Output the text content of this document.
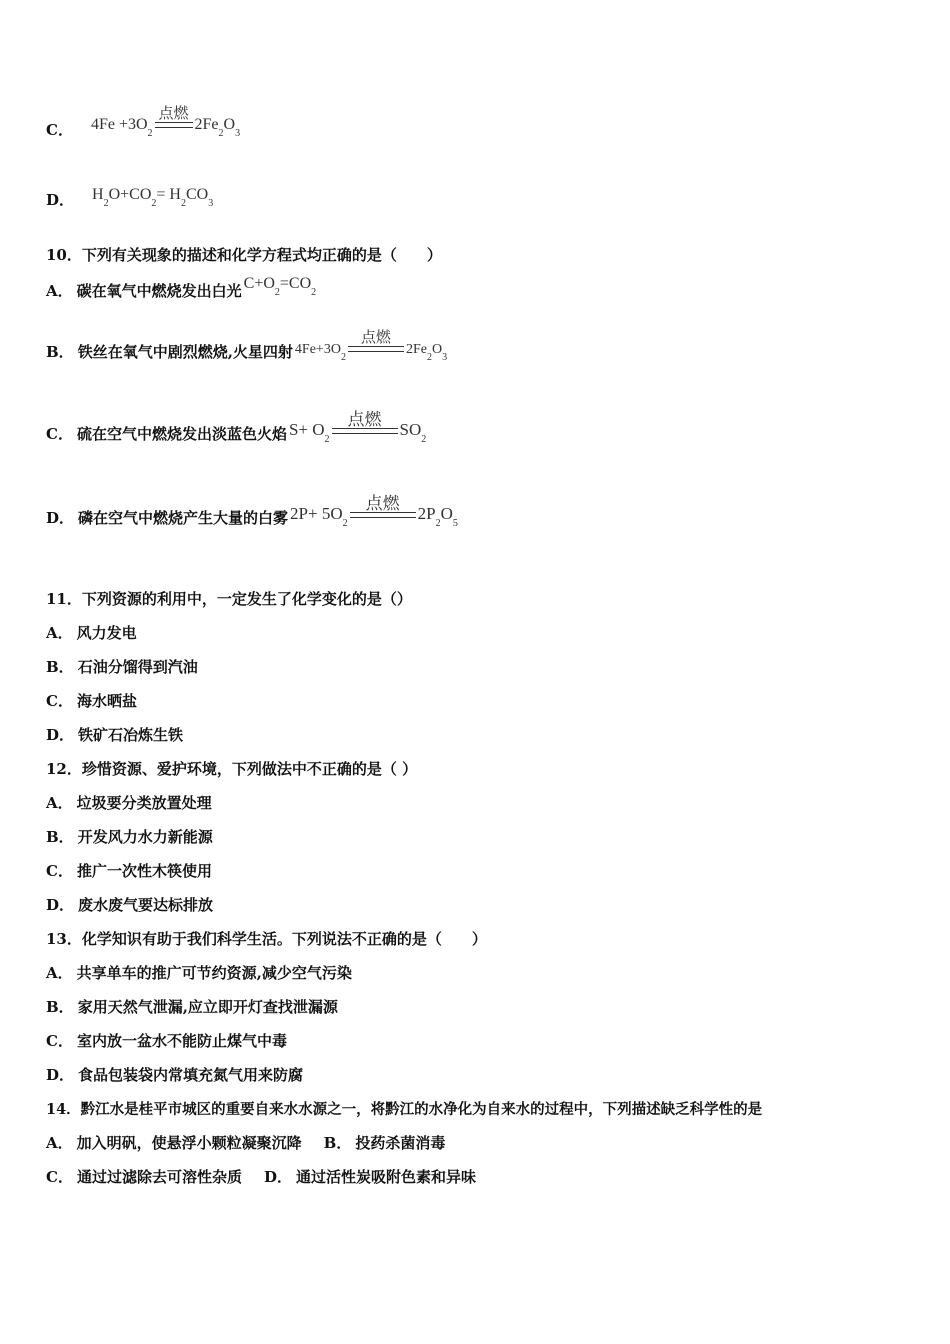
C． 4Fe +3O
2
点燃
2Fe
2
O
3
D． H
2
O+CO
2
= H
2
CO
3
10．下列有关现象的描述和化学方程式均正确的是（　　）
A． 碳在氧气中燃烧发出白光 C+O
2
=CO
2
B． 铁丝在氧气中剧烈燃烧,火星四射 4Fe+3O
2
点燃
2Fe
2
O
3
C． 硫在空气中燃烧发出淡蓝色火焰 S+ O
2
点燃
SO
2
D． 磷在空气中燃烧产生大量的白雾 2P+ 5O
2
点燃
2P
2
O
5
11．下列资源的利用中，一定发生了化学变化的是（）
A． 风力发电
B． 石油分馏得到汽油
C． 海水晒盐
D． 铁矿石冶炼生铁
12．珍惜资源、爱护环境，下列做法中不正确的是（ ）
A． 垃圾要分类放置处理
B． 开发风力水力新能源
C． 推广一次性木筷使用
D． 废水废气要达标排放
13．化学知识有助于我们科学生活。下列说法不正确的是（　　）
A． 共享单车的推广可节约资源,减少空气污染
B． 家用天然气泄漏,应立即开灯查找泄漏源
C． 室内放一盆水不能防止煤气中毒
D． 食品包装袋内常填充氮气用来防腐
14．黔江水是桂平市城区的重要自来水水源之一，将黔江的水净化为自来水的过程中，下列描述缺乏科学性的是
A． 加入明矾，使悬浮小颗粒凝聚沉降 B． 投药杀菌消毒
C． 通过过滤除去可溶性杂质 D． 通过活性炭吸附色素和异味
